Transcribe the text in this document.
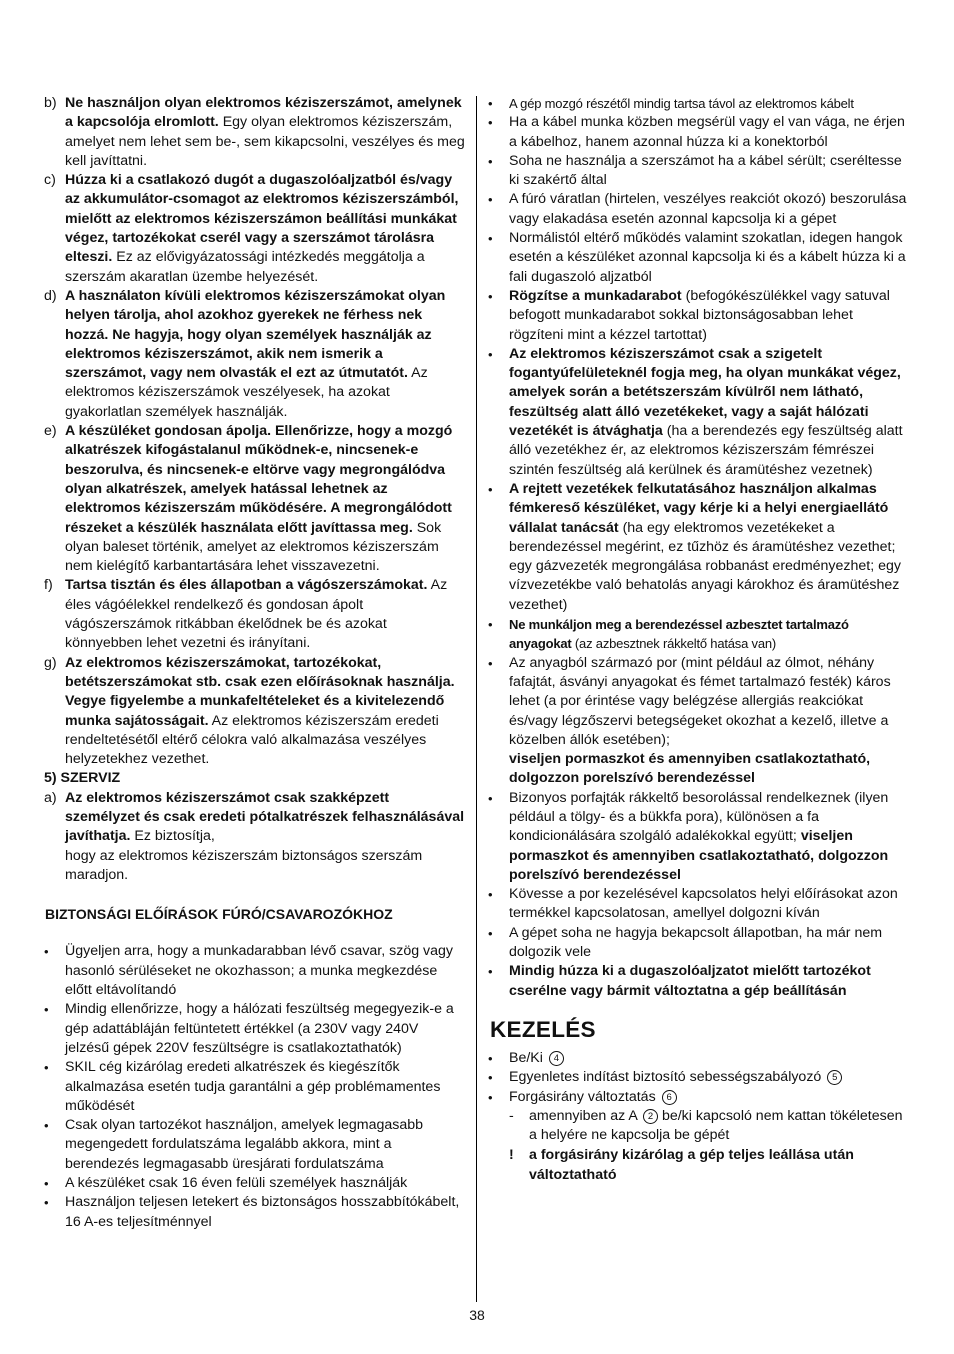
b) Ne használjon olyan elektromos kéziszerszámot, amelynek a kapcsolója elromlott. Egy olyan elektromos kéziszerszám, amelyet nem lehet sem be-, sem kikapcsolni, veszélyes és meg kell javíttatni.
c) Húzza ki a csatlakozó dugót a dugaszolóaljzatból és/vagy az akkumulátor-csomagot az elektromos kéziszerszámból, mielőtt az elektromos kéziszerszámon beállítási munkákat végez, tartozékokat cserél vagy a szerszámot tárolásra elteszi. Ez az elővigyázatossági intézkedés meggátolja a szerszám akaratlan üzembe helyezését.
d) A használaton kívüli elektromos kéziszerszámokat olyan helyen tárolja, ahol azokhoz gyerekek ne férhess nek hozzá. Ne hagyja, hogy olyan személyek használják az elektromos kéziszerszámot, akik nem ismerik a szerszámot, vagy nem olvasták el ezt az útmutatót. Az elektromos kéziszerszámok veszélyesek, ha azokat gyakorlatlan személyek használják.
e) A készüléket gondosan ápolja. Ellenőrizze, hogy a mozgó alkatrészek kifogástalanul működnek-e, nincsenek-e beszorulva, és nincsenek-e eltörve vagy megrongálódva olyan alkatrészek, amelyek hatással lehetnek az elektromos kéziszerszám működésére. A megrongálódott részeket a készülék használata előtt javíttassa meg. Sok olyan baleset történik, amelyet az elektromos kéziszerszám nem kielégítő karbantartására lehet visszavezetni.
f) Tartsa tisztán és éles állapotban a vágószerszámokat. Az éles vágóélekkel rendelkező és gondosan ápolt vágószerszámok ritkábban ékelődnek be és azokat könnyebben lehet vezetni és irányítani.
g) Az elektromos kéziszerszámokat, tartozékokat, betétszerszámokat stb. csak ezen előírásoknak használja. Vegye figyelembe a munkafeltételeket és a kivitelezendő munka sajátosságait. Az elektromos kéziszerszám eredeti rendeltetésétől eltérő célokra való alkalmazása veszélyes helyzetekhez vezethet.
5) SZERVIZ
a) Az elektromos kéziszerszámot csak szakképzett személyzet és csak eredeti pótalkatrészek felhasználásával javíthatja. Ez biztosítja,
hogy az elektromos kéziszerszám biztonságos szerszám maradjon.
BIZTONSÁGI ELŐÍRÁSOK FÚRÓ/CSAVAROZÓKHOZ
• Ügyeljen arra, hogy a munkadarabban lévő csavar, szög vagy hasonló sérüléseket ne okozhasson; a munka megkezdése előtt eltávolítandó
• Mindig ellenőrizze, hogy a hálózati feszültség megegyezik-e a gép adattábláján feltüntetett értékkel (a 230V vagy 240V jelzésű gépek 220V feszültségre is csatlakoztathatók)
• SKIL cég kizárólag eredeti alkatrészek és kiegészítők alkalmazása esetén tudja garantálni a gép problémamentes működését
• Csak olyan tartozékot használjon, amelyek legmagasabb megengedett fordulatszáma legalább akkora, mint a berendezés legmagasabb üresjárati fordulatszáma
• A készüléket csak 16 éven felüli személyek használják
• Használjon teljesen letekert és biztonságos hosszabbítókábelt, 16 A-es teljesítménnyel
• A gép mozgó részétől mindig tartsa távol az elektromos kábelt
• Ha a kábel munka közben megsérül vagy el van vága, ne érjen a kábelhoz, hanem azonnal húzza ki a konektorból
• Soha ne használja a szerszámot ha a kábel sérült; cseréltesse ki szakértő által
• A fúró váratlan (hirtelen, veszélyes reakciót okozó) beszorulása vagy elakadása esetén azonnal kapcsolja ki a gépet
• Normálistól eltérő működés valamint szokatlan, idegen hangok esetén a készüléket azonnal kapcsolja ki és a kábelt húzza ki a fali dugaszoló aljzatból
• Rögzítse a munkadarabot (befogókészülékkel vagy satuval befogott munkadarabot sokkal biztonságosabban lehet rögzíteni mint a kézzel tartottat)
• Az elektromos kéziszerszámot csak a szigetelt fogantyúfelületeknél fogja meg, ha olyan munkákat végez, amelyek során a betétszerszám kívülről nem látható, feszültség alatt álló vezetékeket, vagy a saját hálózati vezetékét is átvághatja (ha a berendezés egy feszültség alatt álló vezetékhez ér, az elektromos kéziszerszám fémrészei szintén feszültség alá kerülnek és áramütéshez vezetnek)
• A rejtett vezetékek felkutatásához használjon alkalmas fémkereső készüléket, vagy kérje ki a helyi energiaellátó vállalat tanácsát (ha egy elektromos vezetékeket a berendezéssel megérint, ez tűzhöz és áramütéshez vezethet; egy gázvezeték megrongálása robbanást eredményezhet; egy vízvezetékbe való behatolás anyagi károkhoz és áramütéshez vezethet)
• Ne munkáljon meg a berendezéssel azbesztet tartalmazó anyagokat (az azbesztnek rákkeltő hatása van)
• Az anyagból származó por (mint például az ólmot, néhány fafajtát, ásványi anyagokat és fémet tartalmazó festék) káros lehet (a por érintése vagy belégzése allergiás reakciókat és/vagy légzőszervi betegségeket okozhat a kezelő, illetve a közelben állók esetében);
viseljen pormaszkot és amennyiben csatlakoztatható, dolgozzon porelszívó berendezéssel
• Bizonyos porfajták rákkeltő besorolással rendelkeznek (ilyen például a tölgy- és a bükkfa pora), különösen a fa kondicionálására szolgáló adalékokkal együtt; viseljen pormaszkot és amennyiben csatlakoztatható, dolgozzon porelszívó berendezéssel
• Kövesse a por kezelésével kapcsolatos helyi előírásokat azon termékkel kapcsolatosan, amellyel dolgozni kíván
• A gépet soha ne hagyja bekapcsolt állapotban, ha már nem dolgozik vele
• Mindig húzza ki a dugaszolóaljzatot mielőtt tartozékot cserélne vagy bármit változtatna a gép beállításán
KEZELÉS
• Be/Ki 4
• Egyenletes indítást biztosító sebességszabályozó 5
• Forgásirány változtatás 6
- amennyiben az A 2 be/ki kapcsoló nem kattan tökéletesen a helyére ne kapcsolja be gépét
! a forgásirány kizárólag a gép teljes leállása után változtatható
38
